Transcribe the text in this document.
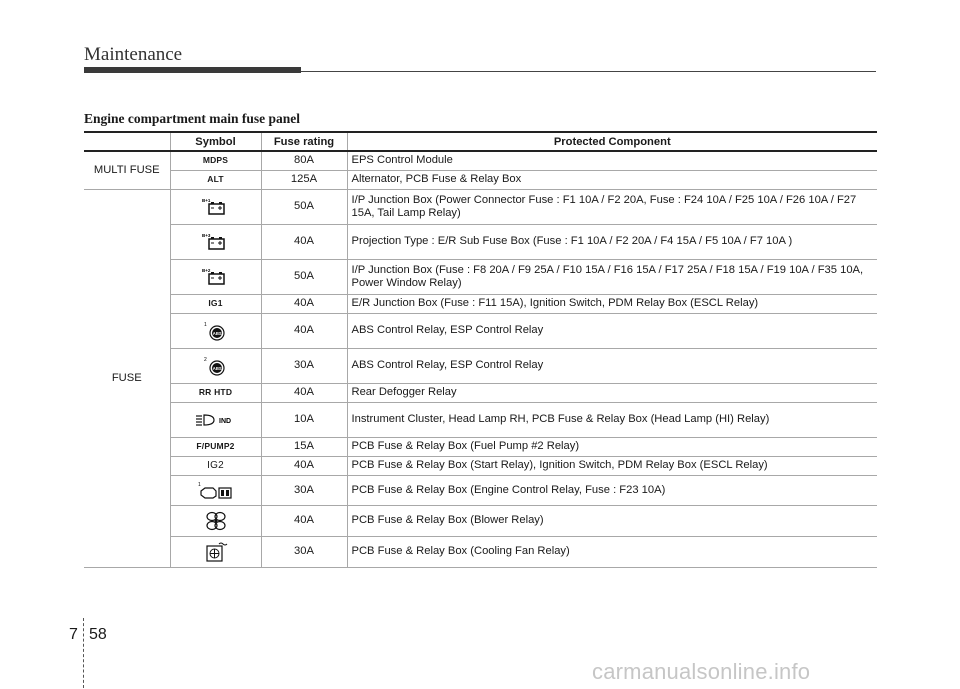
Maintenance
Engine compartment main fuse panel
	Symbol	Fuse rating	Protected Component
MULTI FUSE	MDPS	80A	EPS Control Module
	ALT	125A	Alternator, PCB Fuse & Relay Box
FUSE	B+1	50A	I/P Junction Box (Power Connector Fuse : F1 10A / F2 20A, Fuse : F24 10A / F25 10A / F26 10A / F27 15A, Tail Lamp Relay)

B+3	40A	Projection Type : E/R Sub Fuse Box (Fuse : F1 10A / F2 20A / F4 15A / F5 10A / F7 10A )

B+2	50A	I/P Junction Box (Fuse : F8 20A / F9 25A / F10 15A / F16 15A / F17 25A / F18 15A / F19 10A / F35 10A, Power Window Relay)
	IG1	40A	E/R Junction Box (Fuse : F11 15A), Ignition Switch, PDM Relay Box (ESCL Relay)

1
ABS	40A	ABS Control Relay, ESP Control Relay

2
ABS	30A	ABS Control Relay, ESP Control Relay
	RR HTD	40A	Rear Defogger Relay

IND	10A	Instrument Cluster, Head Lamp RH, PCB Fuse & Relay Box (Head Lamp (HI) Relay)
	F/PUMP2	15A	PCB Fuse & Relay Box (Fuel Pump #2 Relay)
	IG2	40A	PCB Fuse & Relay Box (Start Relay), Ignition Switch, PDM Relay Box (ESCL Relay)

1	30A	PCB Fuse & Relay Box (Engine Control Relay, Fuse : F23 10A)
	40A	PCB Fuse & Relay Box (Blower Relay)
	30A	PCB Fuse & Relay Box (Cooling Fan Relay)
7 58
carmanualsonline.info
